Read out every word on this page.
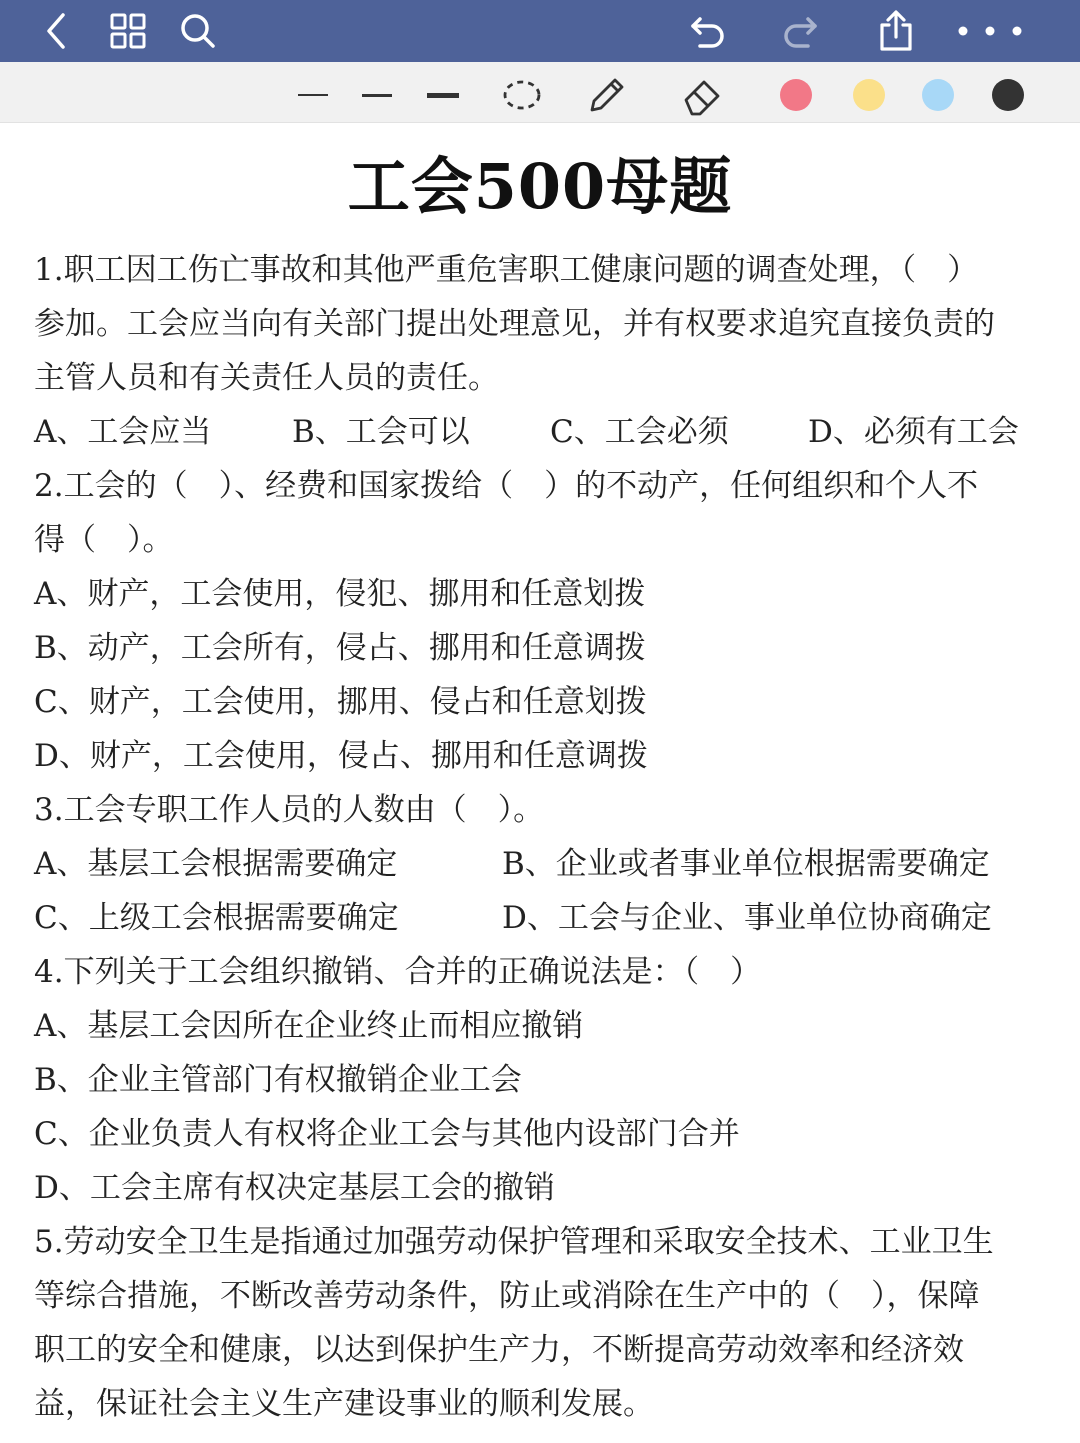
工会500母题
1.职工因工伤亡事故和其他严重危害职工健康问题的调查处理，（　）
参加。工会应当向有关部门提出处理意见，并有权要求追究直接负责的
主管人员和有关责任人员的责任。
A、工会应当	B、工会可以	C、工会必须	D、必须有工会
2.工会的（　）、经费和国家拨给（　）的不动产，任何组织和个人不
得（　）。
A、财产，工会使用，侵犯、挪用和任意划拨
B、动产，工会所有，侵占、挪用和任意调拨
C、财产，工会使用，挪用、侵占和任意划拨
D、财产，工会使用，侵占、挪用和任意调拨
3.工会专职工作人员的人数由（　）。
A、基层工会根据需要确定	B、企业或者事业单位根据需要确定
C、上级工会根据需要确定	D、工会与企业、事业单位协商确定
4.下列关于工会组织撤销、合并的正确说法是：（　）
A、基层工会因所在企业终止而相应撤销
B、企业主管部门有权撤销企业工会
C、企业负责人有权将企业工会与其他内设部门合并
D、工会主席有权决定基层工会的撤销
5.劳动安全卫生是指通过加强劳动保护管理和采取安全技术、工业卫生
等综合措施，不断改善劳动条件，防止或消除在生产中的（　），保障
职工的安全和健康，以达到保护生产力，不断提高劳动效率和经济效
益，保证社会主义生产建设事业的顺利发展。
